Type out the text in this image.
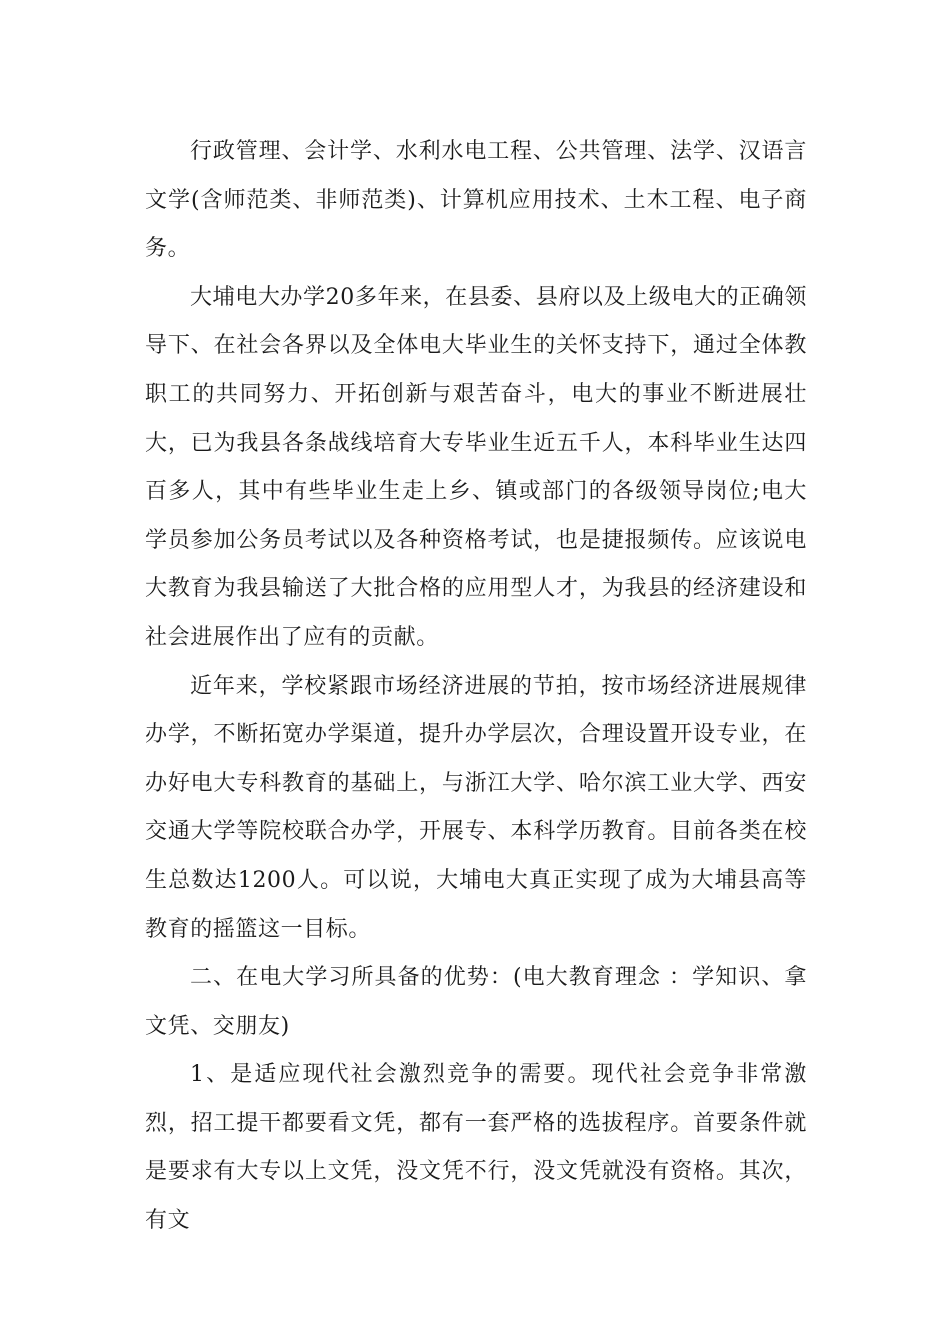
行政管理、会计学、水利水电工程、公共管理、法学、汉语言文学(含师范类、非师范类)、计算机应用技术、土木工程、电子商务。

大埔电大办学20多年来，在县委、县府以及上级电大的正确领导下、在社会各界以及全体电大毕业生的关怀支持下，通过全体教职工的共同努力、开拓创新与艰苦奋斗，电大的事业不断进展壮大，已为我县各条战线培育大专毕业生近五千人，本科毕业生达四百多人，其中有些毕业生走上乡、镇或部门的各级领导岗位;电大学员参加公务员考试以及各种资格考试，也是捷报频传。应该说电大教育为我县输送了大批合格的应用型人才，为我县的经济建设和社会进展作出了应有的贡献。

近年来，学校紧跟市场经济进展的节拍，按市场经济进展规律办学，不断拓宽办学渠道，提升办学层次，合理设置开设专业，在办好电大专科教育的基础上，与浙江大学、哈尔滨工业大学、西安交通大学等院校联合办学，开展专、本科学历教育。目前各类在校生总数达1200人。可以说，大埔电大真正实现了成为大埔县高等教育的摇篮这一目标。

二、在电大学习所具备的优势：(电大教育理念 ：学知识、拿文凭、交朋友)

1、是适应现代社会激烈竞争的需要。现代社会竞争非常激烈，招工提干都要看文凭，都有一套严格的选拔程序。首要条件就是要求有大专以上文凭，没文凭不行，没文凭就没有资格。其次，有文
